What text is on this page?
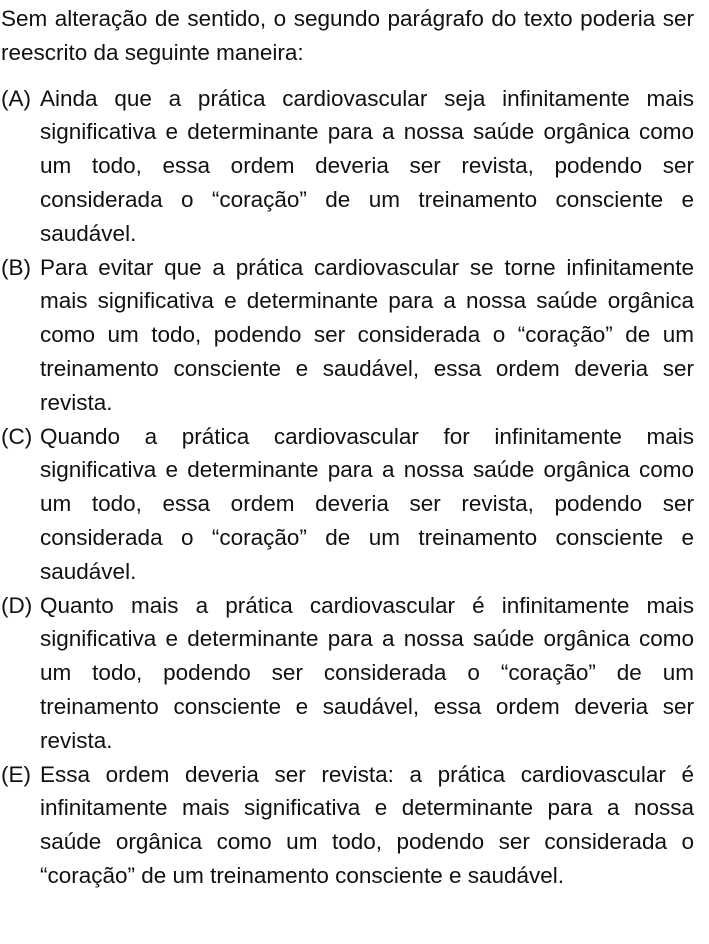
Sem alteração de sentido, o segundo parágrafo do texto poderia ser reescrito da seguinte maneira:

(A) Ainda que a prática cardiovascular seja infinitamente mais significativa e determinante para a nossa saúde orgânica como um todo, essa ordem deveria ser revista, podendo ser considerada o “coração” de um treinamento consciente e saudável.
(B) Para evitar que a prática cardiovascular se torne infinitamente mais significativa e determinante para a nossa saúde orgânica como um todo, podendo ser considerada o “coração” de um treinamento consciente e saudável, essa ordem deveria ser revista.
(C) Quando a prática cardiovascular for infinitamente mais significativa e determinante para a nossa saúde orgânica como um todo, essa ordem deveria ser revista, podendo ser considerada o “coração” de um treinamento consciente e saudável.
(D) Quanto mais a prática cardiovascular é infinitamente mais significativa e determinante para a nossa saúde orgânica como um todo, podendo ser considerada o “coração” de um treinamento consciente e saudável, essa ordem deveria ser revista.
(E) Essa ordem deveria ser revista: a prática cardiovascular é infinitamente mais significativa e determinante para a nossa saúde orgânica como um todo, podendo ser considerada o “coração” de um treinamento consciente e saudável.
